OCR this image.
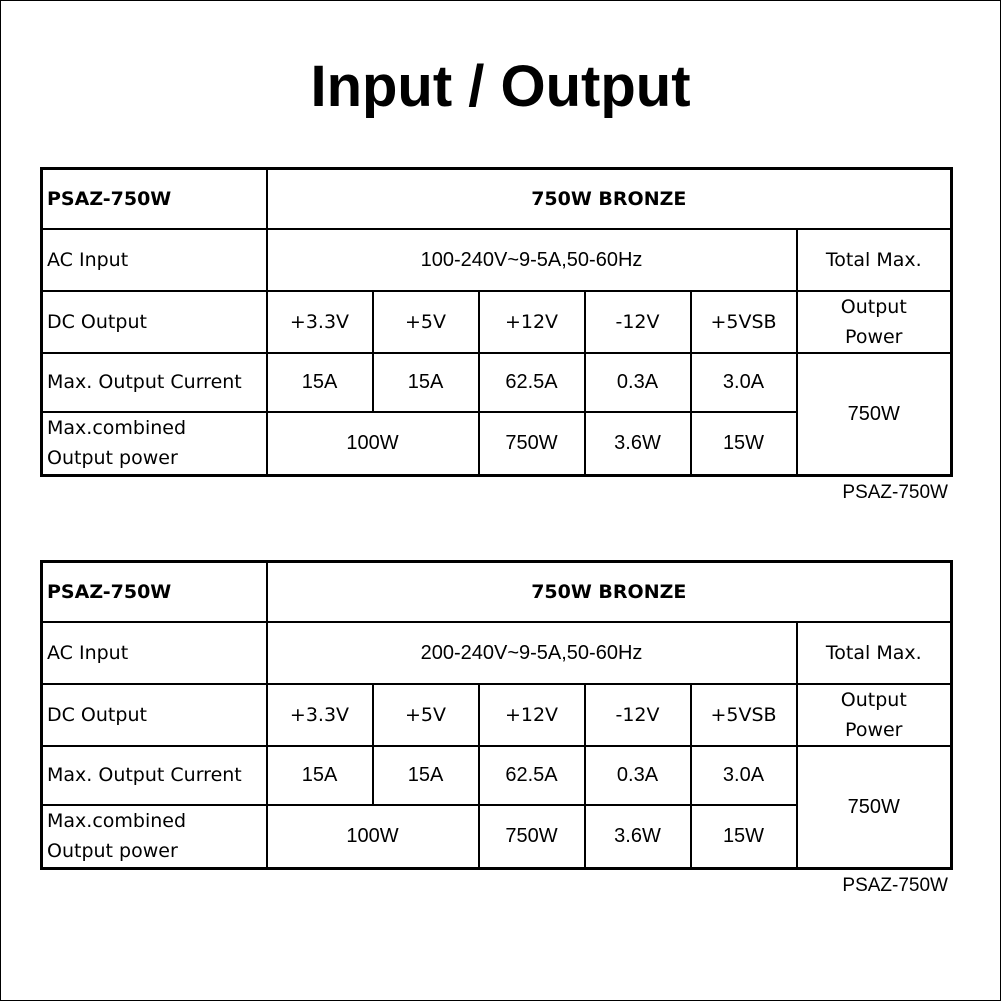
Input / Output
PSAZ-750W	750W BRONZE					
AC Input	100-240V~9-5A,50-60Hz					Total Max.
DC Output	+3.3V	+5V	+12V	-12V	+5VSB	Output
Power

Max. Output Current	15A	15A	62.5A	0.3A	3.0A	750W

Max.combined
Output power	100W		750W	3.6W	15W	
PSAZ-750W
PSAZ-750W	750W BRONZE					
AC Input	200-240V~9-5A,50-60Hz					Total Max.
DC Output	+3.3V	+5V	+12V	-12V	+5VSB	Output
Power

Max. Output Current	15A	15A	62.5A	0.3A	3.0A	750W

Max.combined
Output power	100W		750W	3.6W	15W	
PSAZ-750W
